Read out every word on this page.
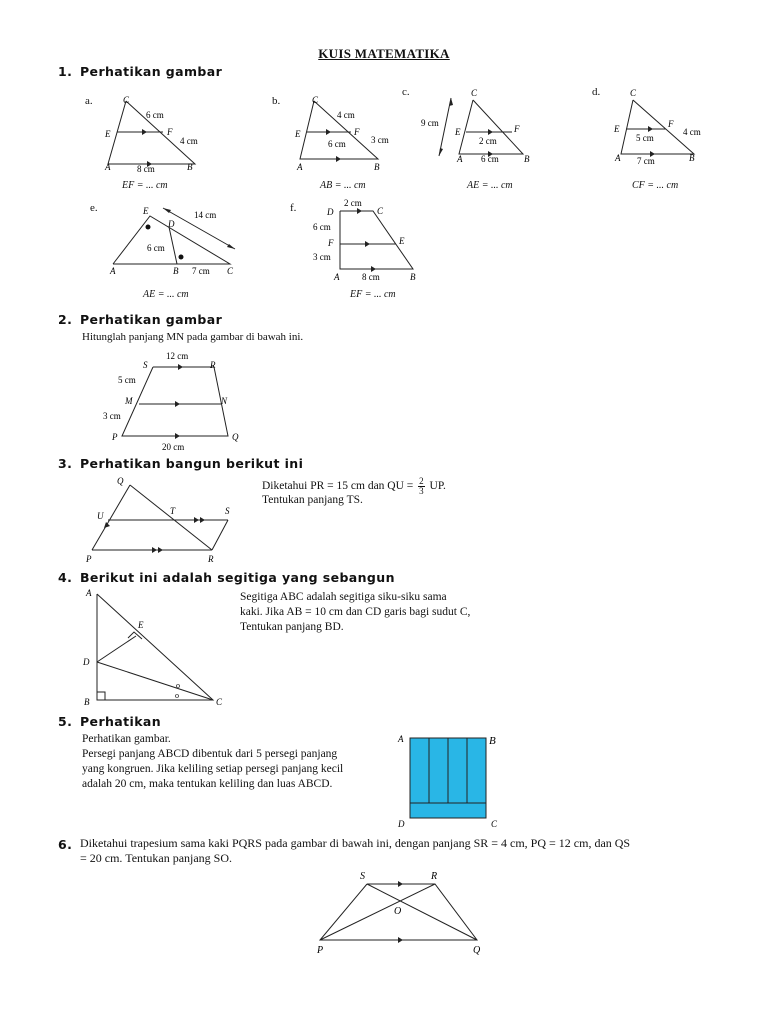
KUIS MATEMATIKA
1. Perhatikan gambar
a.	C
E	F
A	B
6 cm
4 cm
8 cm
EF = ... cm
b.	C
E	F
A	B
4 cm
6 cm	3 cm
AB = ... cm
c.	C
E	F
A	B
9 cm
2 cm
6 cm
AE = ... cm
d.	C
E	F
A	B
4 cm
5 cm
7 cm
CF = ... cm
e.	E
D
A	B	C
14 cm
6 cm
7 cm
AE = ... cm
f.	D	C
F	E
A	B
2 cm
6 cm
3 cm
8 cm
EF = ... cm
2. Perhatikan gambar
Hitunglah panjang MN pada gambar di bawah ini.
S	R
M	N
P	Q
12 cm
5 cm
3 cm
20 cm
3. Perhatikan bangun berikut ini
Q
U	T	S
P	R
Diketahui PR = 15 cm dan QU = $\frac{2}{3}$ UP.
Tentukan panjang TS.
4. Berikut ini adalah segitiga yang sebangun
o
o
A
E
D
B	C
Segitiga ABC adalah segitiga siku-siku sama
kaki. Jika AB = 10 cm dan CD garis bagi sudut C,
Tentukan panjang BD.
5. Perhatikan
Perhatikan gambar.
Persegi panjang ABCD dibentuk dari 5 persegi panjang
yang kongruen. Jika keliling setiap persegi panjang kecil
adalah 20 cm, maka tentukan keliling dan luas ABCD.
A	B
D	C
6. Diketahui trapesium sama kaki PQRS pada gambar di bawah ini, dengan panjang SR = 4 cm, PQ = 12 cm, dan QS
= 20 cm. Tentukan panjang SO.
S	R
O
P	Q
